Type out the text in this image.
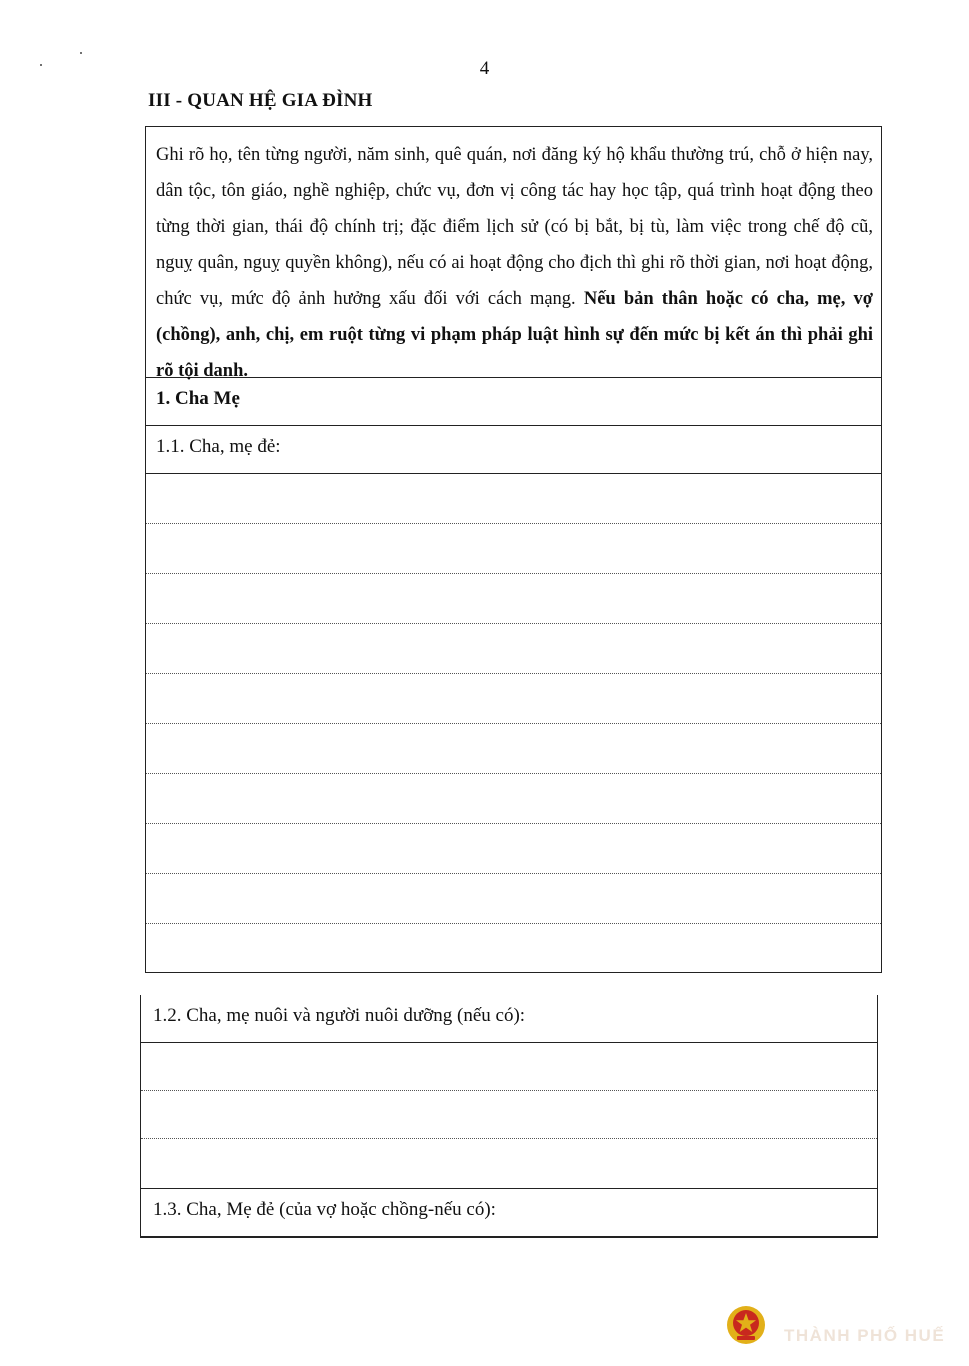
4
III - QUAN HỆ GIA ĐÌNH
Ghi rõ họ, tên từng người, năm sinh, quê quán, nơi đăng ký hộ khẩu thường trú, chỗ ở hiện nay, dân tộc, tôn giáo, nghề nghiệp, chức vụ, đơn vị công tác hay học tập, quá trình hoạt động theo từng thời gian, thái độ chính trị; đặc điểm lịch sử (có bị bắt, bị tù, làm việc trong chế độ cũ, nguỵ quân, nguỵ quyền không), nếu có ai hoạt động cho địch thì ghi rõ thời gian, nơi hoạt động, chức vụ, mức độ ảnh hưởng xấu đối với cách mạng. Nếu bản thân hoặc có cha, mẹ, vợ (chồng), anh, chị, em ruột từng vi phạm pháp luật hình sự đến mức bị kết án thì phải ghi rõ tội danh.
1. Cha Mẹ
1.1. Cha, mẹ đẻ:
1.2. Cha, mẹ nuôi và người nuôi dưỡng (nếu có):
1.3. Cha, Mẹ đẻ (của vợ hoặc chồng-nếu có):
THÀNH PHỐ HUẾ
